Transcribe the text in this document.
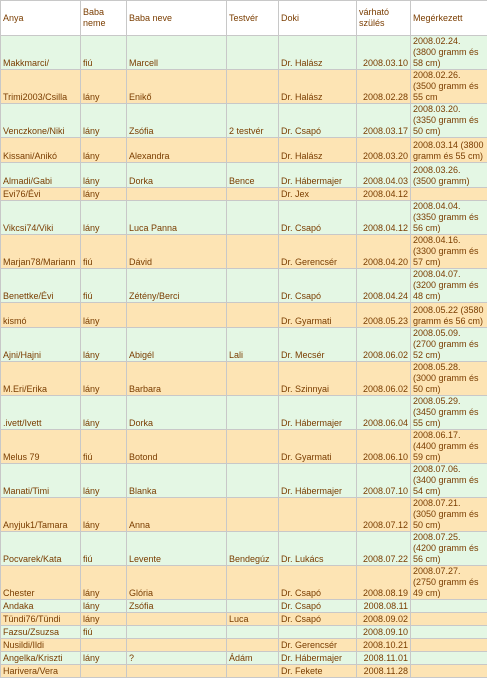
Anya	Baba neme	Baba neve	Testvér	Doki	várható szülés	Megérkezett
Makkmarci/	fiú	Marcell		Dr. Halász	2008.03.10	2008.02.24. (3800 gramm és 58 cm)
Trimi2003/Csilla	lány	Enikő		Dr. Halász	2008.02.28	2008.02.26. (3500 gramm és 55 cm
Venczkone/Niki	lány	Zsófia	2 testvér	Dr. Csapó	2008.03.17	2008.03.20. (3350 gramm és 50 cm)
Kissani/Anikó	lány	Alexandra		Dr. Halász	2008.03.20	2008.03.14 (3800 gramm és 55 cm)
Almadi/Gabi	lány	Dorka	Bence	Dr. Hábermajer	2008.04.03	2008.03.26. (3500 gramm)
Evi76/Évi	lány			Dr. Jex	2008.04.12	
Vikcsi74/Viki	lány	Luca Panna		Dr. Csapó	2008.04.12	2008.04.04. (3350 gramm és 56 cm)
Marjan78/Mariann	fiú	Dávid		Dr. Gerencsér	2008.04.20	2008.04.16. (3300 gramm és 57 cm)
Benettke/Évi	fiú	Zétény/Berci		Dr. Csapó	2008.04.24	2008.04.07. (3200 gramm és 48 cm)
kismó	lány			Dr. Gyarmati	2008.05.23	2008.05.22 (3580 gramm és 56 cm)
Ajni/Hajni	lány	Abigél	Lali	Dr. Mecsér	2008.06.02	2008.05.09. (2700 gramm és 52 cm)
M.Eri/Erika	lány	Barbara		Dr. Szinnyai	2008.06.02	2008.05.28. (3000 gramm és 50 cm)
.ivett/Ivett	lány	Dorka		Dr. Hábermajer	2008.06.04	2008.05.29. (3450 gramm és 55 cm)
Melus 79	fiú	Botond		Dr. Gyarmati	2008.06.10	2008.06.17. (4400 gramm és 59 cm)
Manati/Timi	lány	Blanka		Dr. Hábermajer	2008.07.10	2008.07.06. (3400 gramm és 54 cm)
Anyjuk1/Tamara	lány	Anna			2008.07.12	2008.07.21. (3050 gramm és 50 cm)
Pocvarek/Kata	fiú	Levente	Bendegúz	Dr. Lukács	2008.07.22	2008.07.25. (4200 gramm és 56 cm)
Chester	lány	Glória		Dr. Csapó	2008.08.19	2008.07.27. (2750 gramm és 49 cm)
Andaka	lány	Zsófia		Dr. Csapó	2008.08.11	
Tündi76/Tündi	lány		Luca	Dr. Csapó	2008.09.02	
Fazsu/Zsuzsa	fiú				2008.09.10	
Nusildi/Ildi				Dr. Gerencsér	2008.10.21	
Angelka/Kriszti	lány	?	Ádám	Dr. Hábermajer	2008.11.01	
Harivera/Vera				Dr. Fekete	2008.11.28	
